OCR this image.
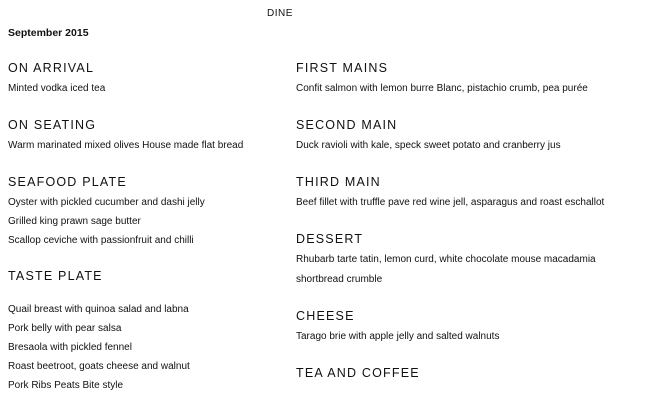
DINE
September 2015
ON ARRIVAL
Minted vodka iced tea
ON SEATING
Warm marinated mixed olives House made flat bread
SEAFOOD PLATE
Oyster with pickled cucumber and dashi jelly
Grilled king prawn sage butter
Scallop ceviche with passionfruit and chilli
TASTE PLATE
Quail breast with quinoa salad and labna
Pork belly with pear salsa
Bresaola with pickled fennel
Roast beetroot, goats cheese and walnut
Pork Ribs Peats Bite style
FIRST MAINS
Confit salmon with lemon burre Blanc, pistachio crumb, pea purée
SECOND MAIN
Duck ravioli with kale, speck sweet potato and cranberry jus
THIRD MAIN
Beef fillet with truffle pave red wine jell, asparagus and roast eschallot
DESSERT
Rhubarb tarte tatin, lemon curd, white chocolate mouse macadamia shortbread crumble
CHEESE
Tarago brie with apple jelly and salted walnuts
TEA AND COFFEE
